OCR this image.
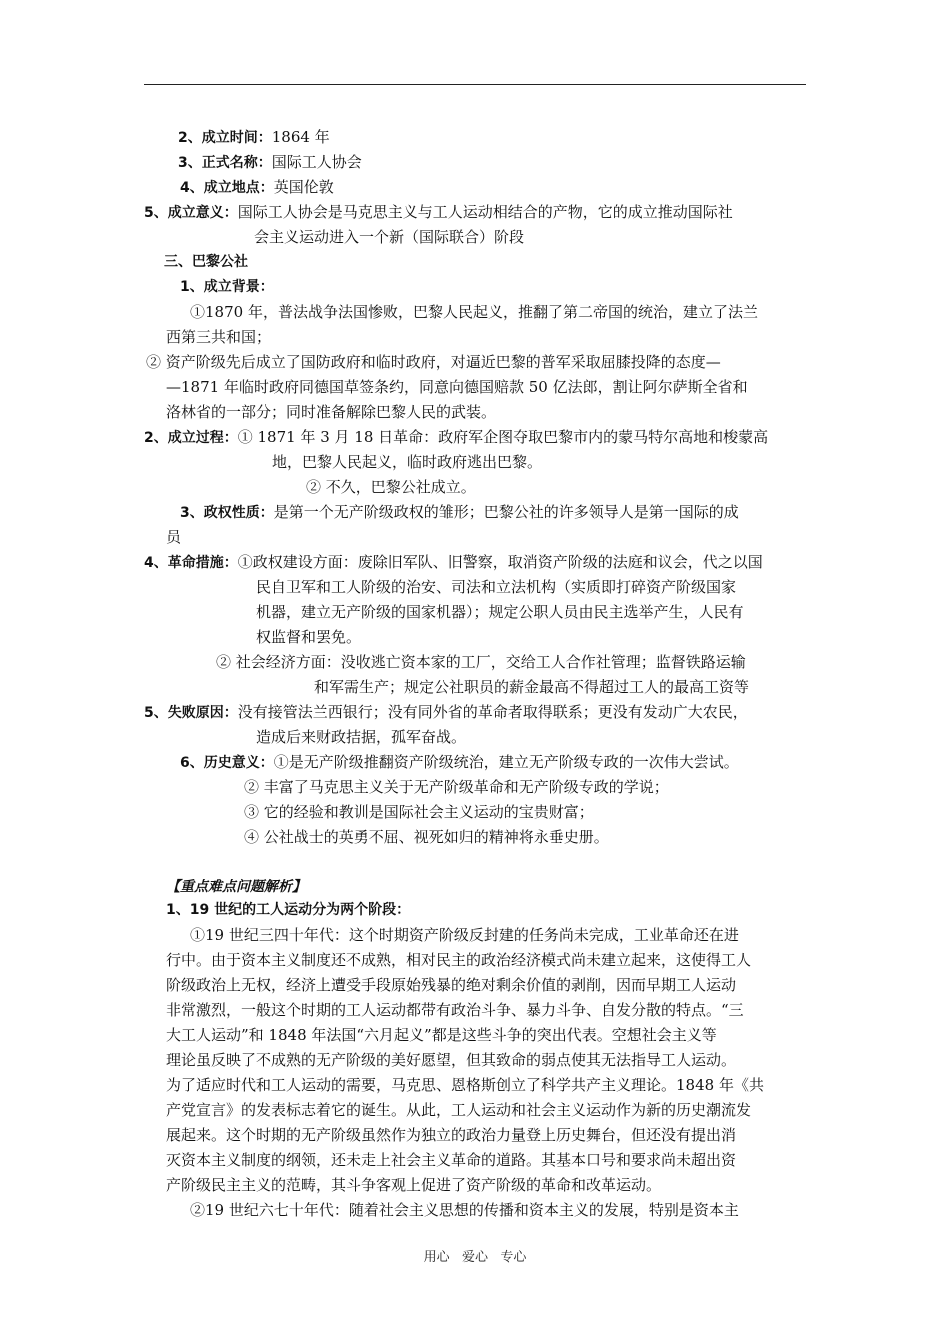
2、成立时间：1864 年
3、正式名称：国际工人协会
4、成立地点：英国伦敦
5、成立意义：国际工人协会是马克思主义与工人运动相结合的产物，它的成立推动国际社
会主义运动进入一个新（国际联合）阶段
三、巴黎公社
1、成立背景：
①1870 年，普法战争法国惨败，巴黎人民起义，推翻了第二帝国的统治，建立了法兰
西第三共和国；
② 资产阶级先后成立了国防政府和临时政府，对逼近巴黎的普军采取屈膝投降的态度—
—1871 年临时政府同德国草签条约，同意向德国赔款 50 亿法郎，割让阿尔萨斯全省和
洛林省的一部分；同时准备解除巴黎人民的武装。
2、成立过程：① 1871 年 3 月 18 日革命：政府军企图夺取巴黎市内的蒙马特尔高地和梭蒙高
地，巴黎人民起义，临时政府逃出巴黎。
② 不久，巴黎公社成立。
3、政权性质：是第一个无产阶级政权的雏形；巴黎公社的许多领导人是第一国际的成
员
4、革命措施：①政权建设方面：废除旧军队、旧警察，取消资产阶级的法庭和议会，代之以国
民自卫军和工人阶级的治安、司法和立法机构（实质即打碎资产阶级国家
机器，建立无产阶级的国家机器）；规定公职人员由民主选举产生，人民有
权监督和罢免。
② 社会经济方面：没收逃亡资本家的工厂，交给工人合作社管理；监督铁路运输
和军需生产；规定公社职员的薪金最高不得超过工人的最高工资等
5、失败原因：没有接管法兰西银行；没有同外省的革命者取得联系；更没有发动广大农民，
造成后来财政拮据，孤军奋战。
6、历史意义：①是无产阶级推翻资产阶级统治，建立无产阶级专政的一次伟大尝试。
② 丰富了马克思主义关于无产阶级革命和无产阶级专政的学说；
③ 它的经验和教训是国际社会主义运动的宝贵财富；
④ 公社战士的英勇不屈、视死如归的精神将永垂史册。
【重点难点问题解析】
1、19 世纪的工人运动分为两个阶段：
①19 世纪三四十年代：这个时期资产阶级反封建的任务尚未完成，工业革命还在进
行中。由于资本主义制度还不成熟，相对民主的政治经济模式尚未建立起来，这使得工人
阶级政治上无权，经济上遭受手段原始残暴的绝对剩余价值的剥削，因而早期工人运动
非常激烈，一般这个时期的工人运动都带有政治斗争、暴力斗争、自发分散的特点。“三
大工人运动”和 1848 年法国“六月起义”都是这些斗争的突出代表。空想社会主义等
理论虽反映了不成熟的无产阶级的美好愿望，但其致命的弱点使其无法指导工人运动。
为了适应时代和工人运动的需要，马克思、恩格斯创立了科学共产主义理论。1848 年《共
产党宣言》的发表标志着它的诞生。从此，工人运动和社会主义运动作为新的历史潮流发
展起来。这个时期的无产阶级虽然作为独立的政治力量登上历史舞台，但还没有提出消
灭资本主义制度的纲领，还未走上社会主义革命的道路。其基本口号和要求尚未超出资
产阶级民主主义的范畴，其斗争客观上促进了资产阶级的革命和改革运动。
②19 世纪六七十年代：随着社会主义思想的传播和资本主义的发展，特别是资本主
用心   爱心   专心
